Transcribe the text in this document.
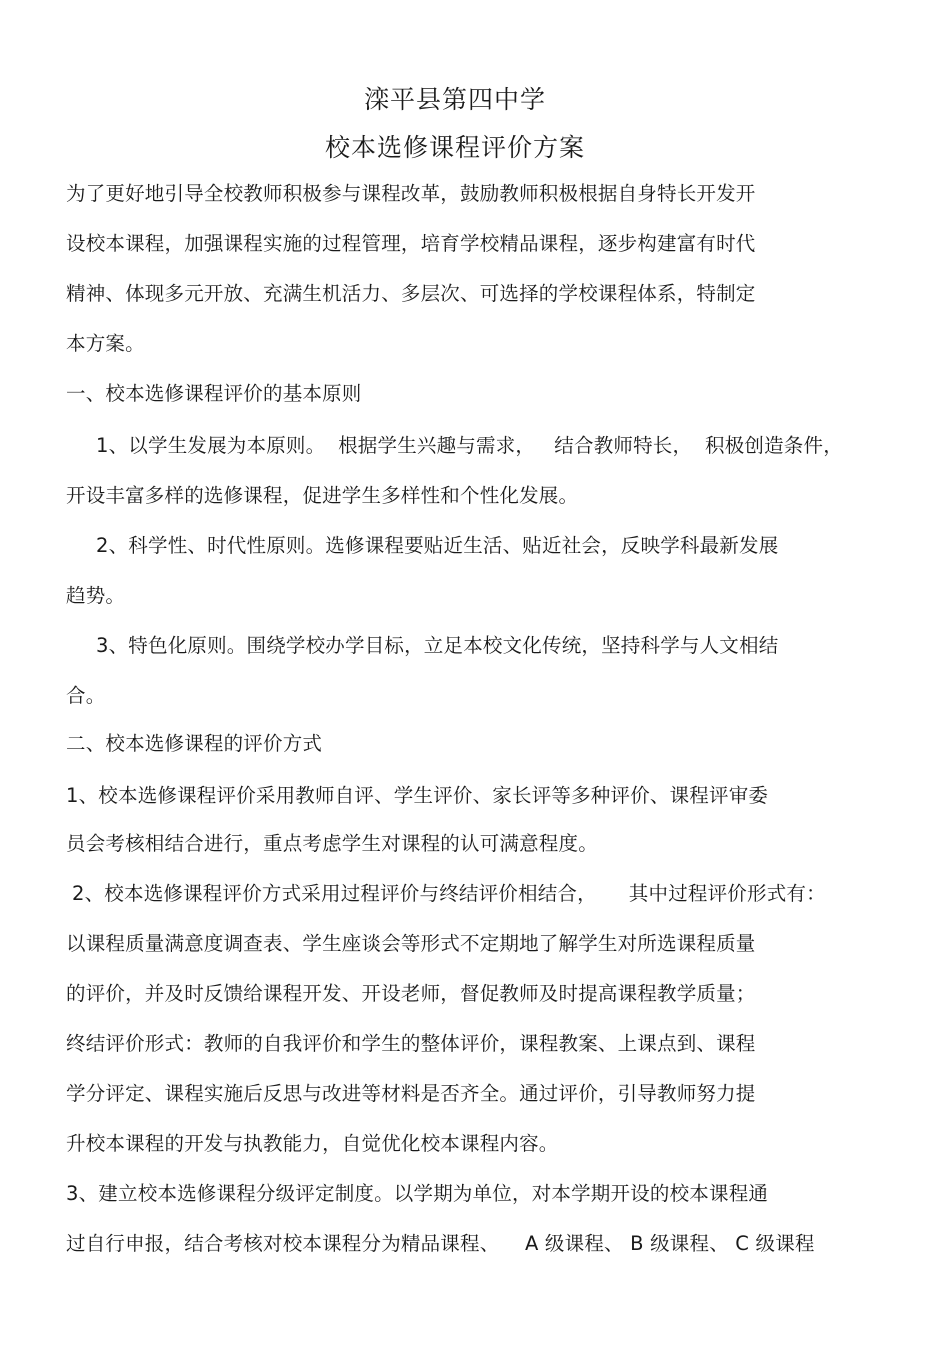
滦平县第四中学
校本选修课程评价方案
为了更好地引导全校教师积极参与课程改革，鼓励教师积极根据自身特长开发开
设校本课程，加强课程实施的过程管理，培育学校精品课程，逐步构建富有时代
精神、体现多元开放、充满生机活力、多层次、可选择的学校课程体系，特制定
本方案。
一、校本选修课程评价的基本原则
1、以学生发展为本原则。  根据学生兴趣与需求，   结合教师特长，  积极创造条件，
开设丰富多样的选修课程，促进学生多样性和个性化发展。
2、科学性、时代性原则。选修课程要贴近生活、贴近社会，反映学科最新发展
趋势。
3、特色化原则。围绕学校办学目标，立足本校文化传统，坚持科学与人文相结
合。
二、校本选修课程的评价方式
1、校本选修课程评价采用教师自评、学生评价、家长评等多种评价、课程评审委
员会考核相结合进行，重点考虑学生对课程的认可满意程度。
2、校本选修课程评价方式采用过程评价与终结评价相结合，     其中过程评价形式有：
以课程质量满意度调查表、学生座谈会等形式不定期地了解学生对所选课程质量
的评价，并及时反馈给课程开发、开设老师，督促教师及时提高课程教学质量；
终结评价形式：教师的自我评价和学生的整体评价，课程教案、上课点到、课程
学分评定、课程实施后反思与改进等材料是否齐全。通过评价，引导教师努力提
升校本课程的开发与执教能力，自觉优化校本课程内容。
3、建立校本选修课程分级评定制度。以学期为单位，对本学期开设的校本课程通
过自行申报，结合考核对校本课程分为精品课程、    A 级课程、 B 级课程、 C 级课程
